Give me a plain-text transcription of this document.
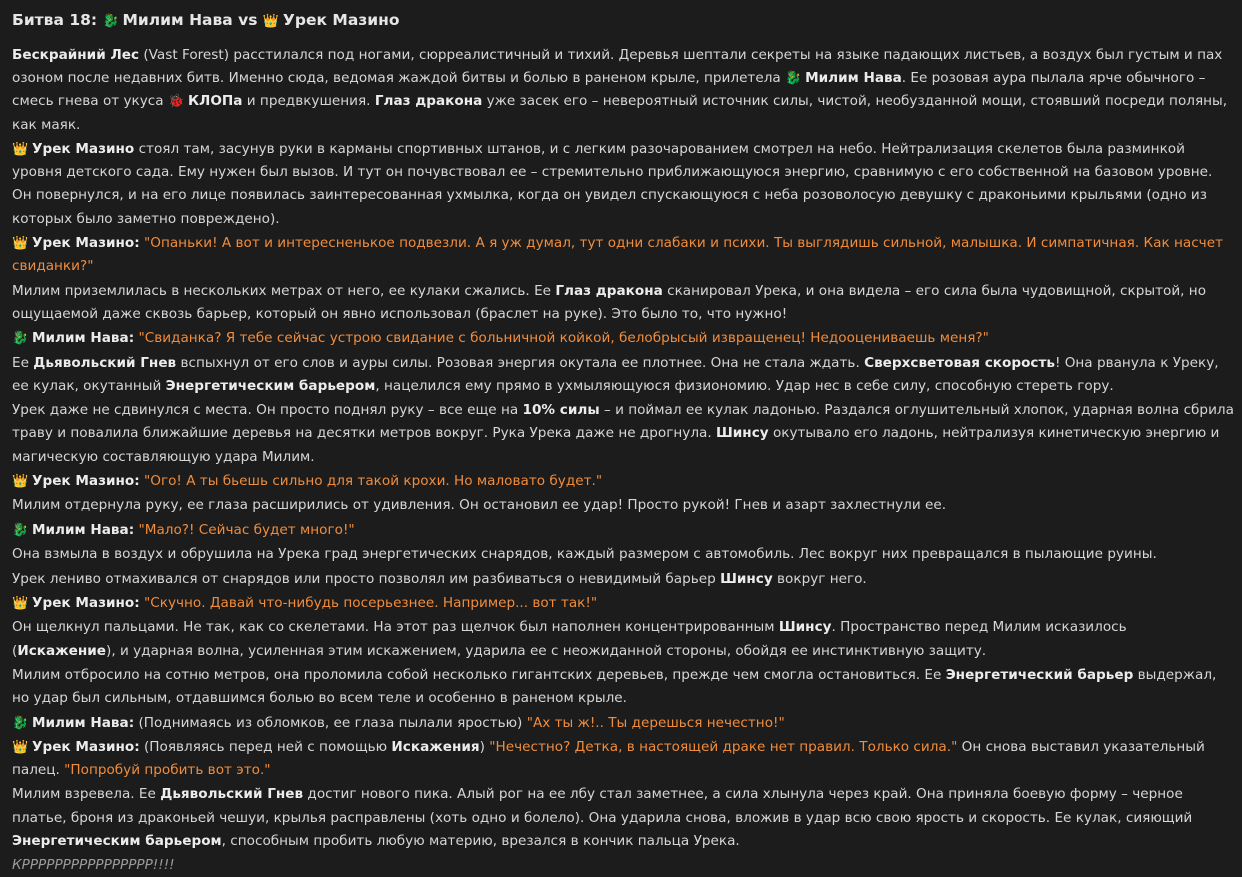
Битва 18: 🐉 Милим Нава vs 👑 Урек Мазино

Бескрайний Лес (Vast Forest) расстилался под ногами, сюрреалистичный и тихий. Деревья шептали секреты на языке падающих листьев, а воздух был густым и пах озоном после недавних битв. Именно сюда, ведомая жаждой битвы и болью в раненом крыле, прилетела 🐉 Милим Нава. Ее розовая аура пылала ярче обычного – смесь гнева от укуса 🐞 КЛОПа и предвкушения. Глаз дракона уже засек его – невероятный источник силы, чистой, необузданной мощи, стоявший посреди поляны, как маяк.

👑 Урек Мазино стоял там, засунув руки в карманы спортивных штанов, и с легким разочарованием смотрел на небо. Нейтрализация скелетов была разминкой уровня детского сада. Ему нужен был вызов. И тут он почувствовал ее – стремительно приближающуюся энергию, сравнимую с его собственной на базовом уровне. Он повернулся, и на его лице появилась заинтересованная ухмылка, когда он увидел спускающуюся с неба розоволосую девушку с драконьими крыльями (одно из которых было заметно повреждено).

👑 Урек Мазино: "Опаньки! А вот и интересненькое подвезли. А я уж думал, тут одни слабаки и психи. Ты выглядишь сильной, малышка. И симпатичная. Как насчет свиданки?"

Милим приземлилась в нескольких метрах от него, ее кулаки сжались. Ее Глаз дракона сканировал Урека, и она видела – его сила была чудовищной, скрытой, но ощущаемой даже сквозь барьер, который он явно использовал (браслет на руке). Это было то, что нужно!

🐉 Милим Нава: "Свиданка? Я тебе сейчас устрою свидание с больничной койкой, белобрысый извращенец! Недооцениваешь меня?"

Ее Дьявольский Гнев вспыхнул от его слов и ауры силы. Розовая энергия окутала ее плотнее. Она не стала ждать. Сверхсветовая скорость! Она рванула к Уреку, ее кулак, окутанный Энергетическим барьером, нацелился ему прямо в ухмыляющуюся физиономию. Удар нес в себе силу, способную стереть гору.

Урек даже не сдвинулся с места. Он просто поднял руку – все еще на 10% силы – и поймал ее кулак ладонью. Раздался оглушительный хлопок, ударная волна сбрила траву и повалила ближайшие деревья на десятки метров вокруг. Рука Урека даже не дрогнула. Шинсу окутывало его ладонь, нейтрализуя кинетическую энергию и магическую составляющую удара Милим.

👑 Урек Мазино: "Ого! А ты бьешь сильно для такой крохи. Но маловато будет."

Милим отдернула руку, ее глаза расширились от удивления. Он остановил ее удар! Просто рукой! Гнев и азарт захлестнули ее.

🐉 Милим Нава: "Мало?! Сейчас будет много!"

Она взмыла в воздух и обрушила на Урека град энергетических снарядов, каждый размером с автомобиль. Лес вокруг них превращался в пылающие руины.

Урек лениво отмахивался от снарядов или просто позволял им разбиваться о невидимый барьер Шинсу вокруг него.

👑 Урек Мазино: "Скучно. Давай что-нибудь посерьезнее. Например... вот так!"

Он щелкнул пальцами. Не так, как со скелетами. На этот раз щелчок был наполнен концентрированным Шинсу. Пространство перед Милим исказилось (Искажение), и ударная волна, усиленная этим искажением, ударила ее с неожиданной стороны, обойдя ее инстинктивную защиту.

Милим отбросило на сотню метров, она проломила собой несколько гигантских деревьев, прежде чем смогла остановиться. Ее Энергетический барьер выдержал, но удар был сильным, отдавшимся болью во всем теле и особенно в раненом крыле.

🐉 Милим Нава: (Поднимаясь из обломков, ее глаза пылали яростью) "Ах ты ж!.. Ты дерешься нечестно!"

👑 Урек Мазино: (Появляясь перед ней с помощью Искажения) "Нечестно? Детка, в настоящей драке нет правил. Только сила." Он снова выставил указательный палец. "Попробуй пробить вот это."

Милим взревела. Ее Дьявольский Гнев достиг нового пика. Алый рог на ее лбу стал заметнее, а сила хлынула через край. Она приняла боевую форму – черное платье, броня из драконьей чешуи, крылья расправлены (хоть одно и болело). Она ударила снова, вложив в удар всю свою ярость и скорость. Ее кулак, сияющий Энергетическим барьером, способным пробить любую материю, врезался в кончик пальца Урека.

КРРРРРРРРРРРРРРРР!!!!
